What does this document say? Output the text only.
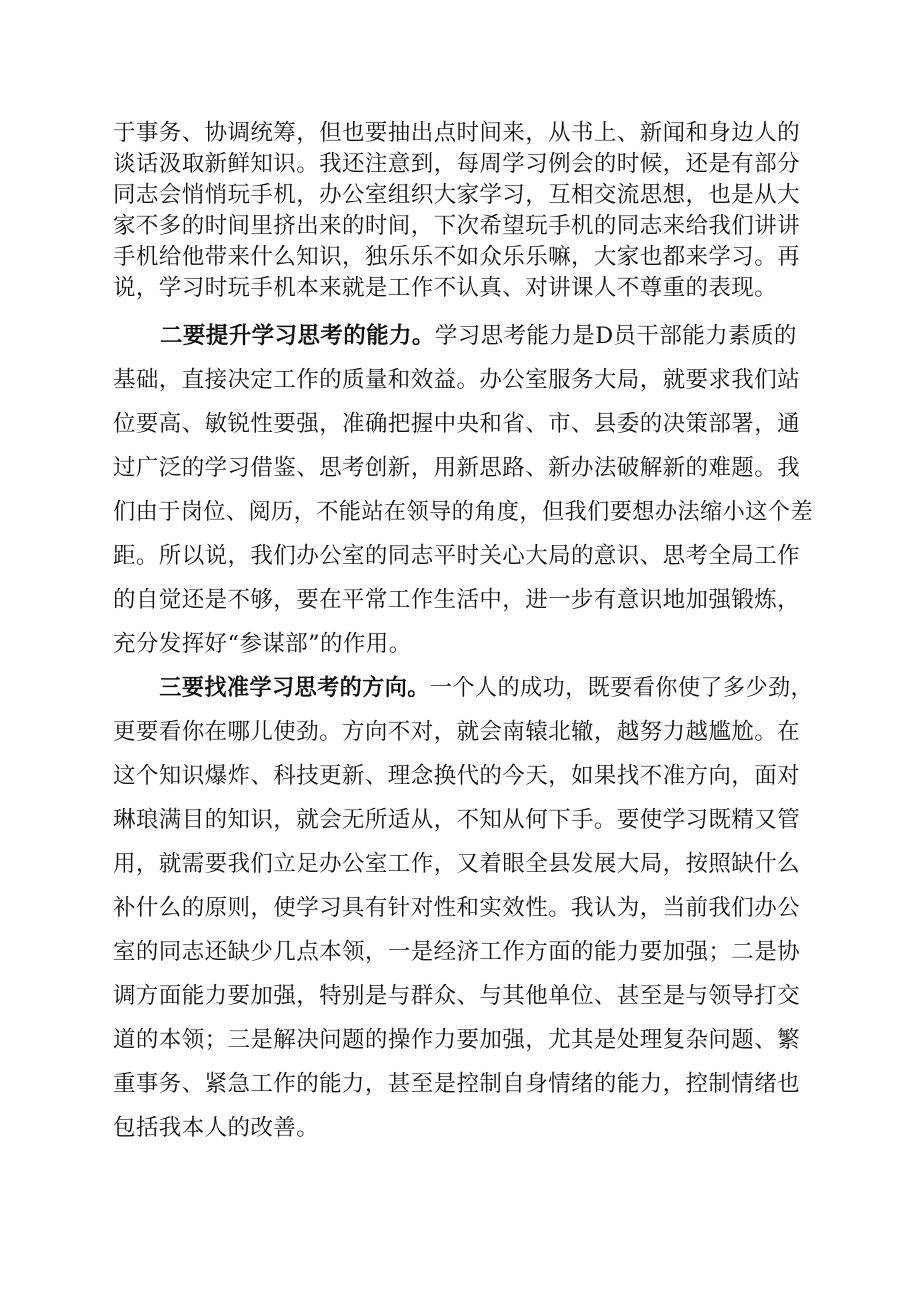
于事务、协调统筹，但也要抽出点时间来，从书上、新闻和身边人的
谈话汲取新鲜知识。我还注意到，每周学习例会的时候，还是有部分
同志会悄悄玩手机，办公室组织大家学习，互相交流思想，也是从大
家不多的时间里挤出来的时间，下次希望玩手机的同志来给我们讲讲
手机给他带来什么知识，独乐乐不如众乐乐嘛，大家也都来学习。再
说，学习时玩手机本来就是工作不认真、对讲课人不尊重的表现。
二要提升学习思考的能力。学习思考能力是D员干部能力素质的
基础，直接决定工作的质量和效益。办公室服务大局，就要求我们站
位要高、敏锐性要强，准确把握中央和省、市、县委的决策部署，通
过广泛的学习借鉴、思考创新，用新思路、新办法破解新的难题。我
们由于岗位、阅历，不能站在领导的角度，但我们要想办法缩小这个差
距。所以说，我们办公室的同志平时关心大局的意识、思考全局工作
的自觉还是不够，要在平常工作生活中，进一步有意识地加强锻炼，
充分发挥好“参谋部”的作用。
三要找准学习思考的方向。一个人的成功，既要看你使了多少劲，
更要看你在哪儿使劲。方向不对，就会南辕北辙，越努力越尴尬。在
这个知识爆炸、科技更新、理念换代的今天，如果找不准方向，面对
琳琅满目的知识，就会无所适从，不知从何下手。要使学习既精又管
用，就需要我们立足办公室工作，又着眼全县发展大局，按照缺什么
补什么的原则，使学习具有针对性和实效性。我认为，当前我们办公
室的同志还缺少几点本领，一是经济工作方面的能力要加强；二是协
调方面能力要加强，特别是与群众、与其他单位、甚至是与领导打交
道的本领；三是解决问题的操作力要加强，尤其是处理复杂问题、繁
重事务、紧急工作的能力，甚至是控制自身情绪的能力，控制情绪也
包括我本人的改善。
